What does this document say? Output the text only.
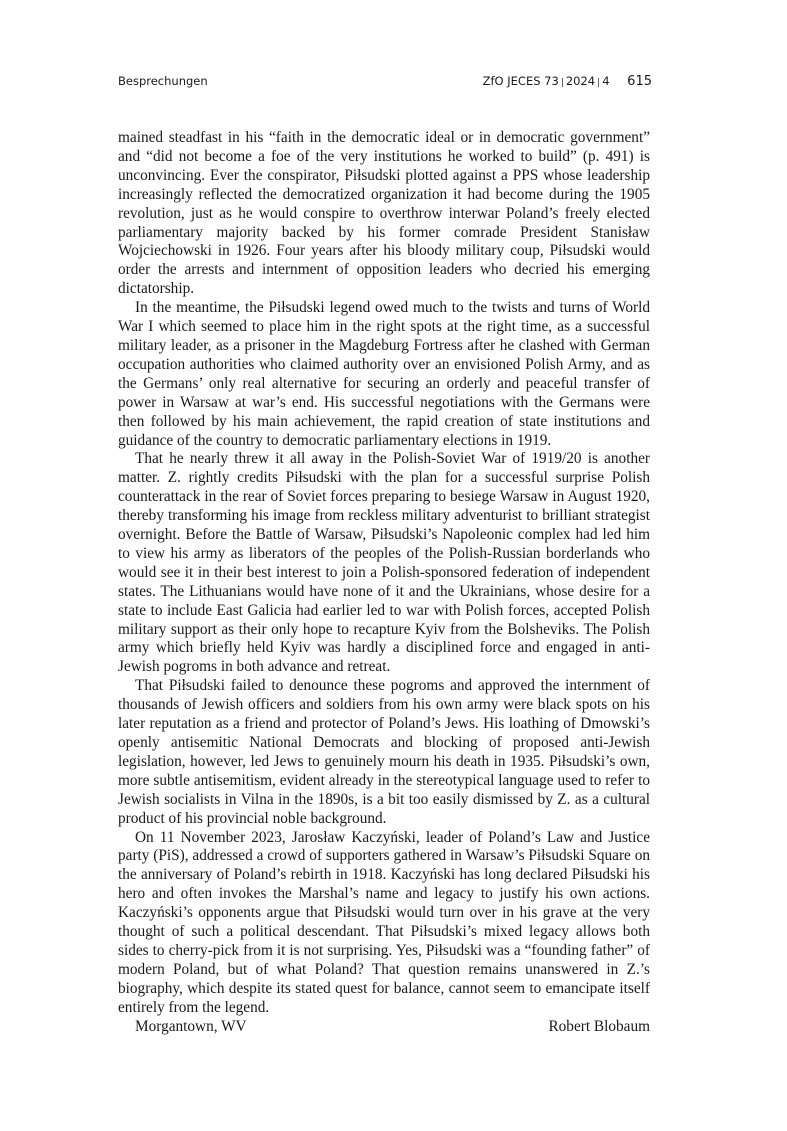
Besprechungen	ZfO JECES 73 | 2024 | 4 615

mained steadfast in his “faith in the democratic ideal or in democratic government” and “did not become a foe of the very institutions he worked to build” (p. 491) is unconvincing. Ever the conspirator, Piłsudski plotted against a PPS whose leadership increasingly reflected the democratized organization it had become during the 1905 revolution, just as he would conspire to overthrow interwar Poland’s freely elected parliamentary majority backed by his former comrade President Stanisław Wojciechowski in 1926. Four years after his bloody military coup, Piłsudski would order the arrests and internment of opposition leaders who decried his emerging dictatorship.

In the meantime, the Piłsudski legend owed much to the twists and turns of World War I which seemed to place him in the right spots at the right time, as a successful military leader, as a prisoner in the Magdeburg Fortress after he clashed with German occupation authorities who claimed authority over an envisioned Polish Army, and as the Germans’ only real alternative for securing an orderly and peaceful transfer of power in Warsaw at war’s end. His successful negotiations with the Germans were then followed by his main achievement, the rapid creation of state institutions and guidance of the country to democratic parliamentary elections in 1919.

That he nearly threw it all away in the Polish-Soviet War of 1919/20 is another matter. Z. rightly credits Piłsudski with the plan for a successful surprise Polish counterattack in the rear of Soviet forces preparing to besiege Warsaw in August 1920, thereby transforming his image from reckless military adventurist to brilliant strategist overnight. Before the Battle of Warsaw, Piłsudski’s Napoleonic complex had led him to view his army as liberators of the peoples of the Polish-Russian borderlands who would see it in their best interest to join a Polish-sponsored federation of independent states. The Lithuanians would have none of it and the Ukrainians, whose desire for a state to include East Galicia had earlier led to war with Polish forces, accepted Polish military support as their only hope to recapture Kyiv from the Bolsheviks. The Polish army which briefly held Kyiv was hardly a disciplined force and engaged in anti-Jewish pogroms in both advance and retreat.

That Piłsudski failed to denounce these pogroms and approved the internment of thousands of Jewish officers and soldiers from his own army were black spots on his later reputation as a friend and protector of Poland’s Jews. His loathing of Dmowski’s openly antisemitic National Democrats and blocking of proposed anti-Jewish legislation, however, led Jews to genuinely mourn his death in 1935. Piłsudski’s own, more subtle antisemitism, evident already in the stereotypical language used to refer to Jewish socialists in Vilna in the 1890s, is a bit too easily dismissed by Z. as a cultural product of his provincial noble background.

On 11 November 2023, Jarosław Kaczyński, leader of Poland’s Law and Justice party (PiS), addressed a crowd of supporters gathered in Warsaw’s Piłsudski Square on the anniversary of Poland’s rebirth in 1918. Kaczyński has long declared Piłsudski his hero and often invokes the Marshal’s name and legacy to justify his own actions. Kaczyński’s opponents argue that Piłsudski would turn over in his grave at the very thought of such a political descendant. That Piłsudski’s mixed legacy allows both sides to cherry-pick from it is not surprising. Yes, Piłsudski was a “founding father” of modern Poland, but of what Poland? That question remains unanswered in Z.’s biography, which despite its stated quest for balance, cannot seem to emancipate itself entirely from the legend.

Morgantown, WV	Robert Blobaum
